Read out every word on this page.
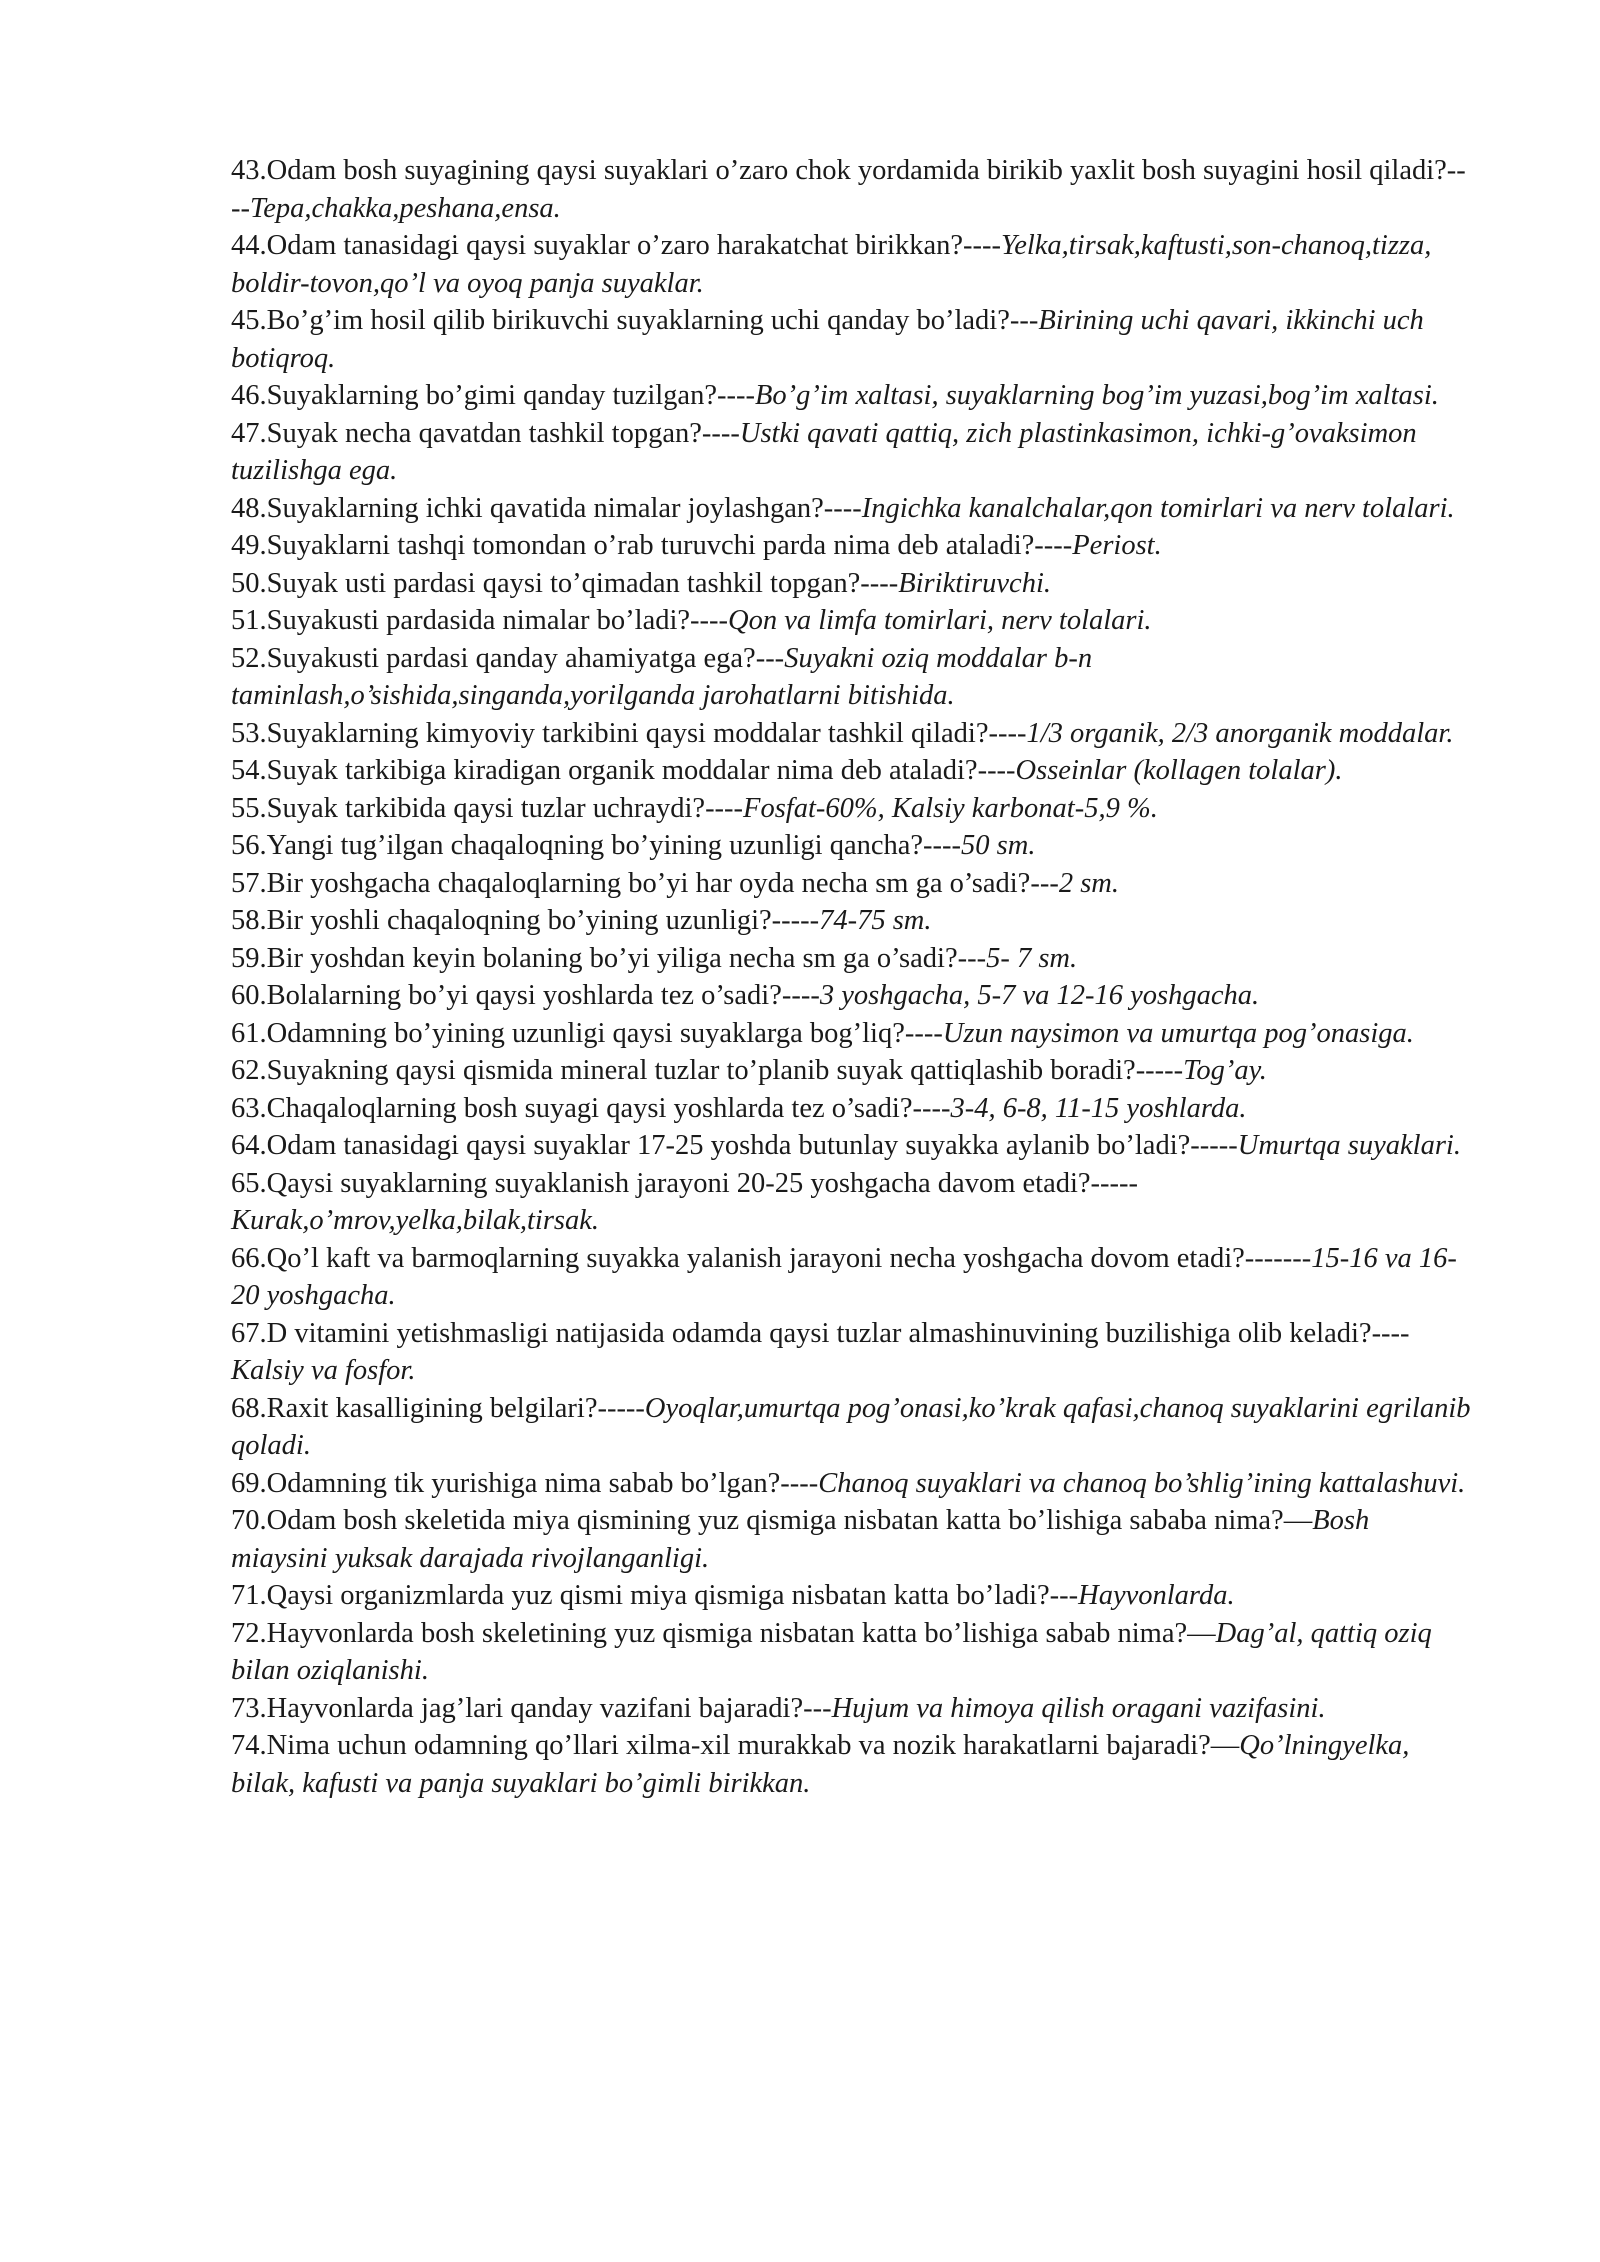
43.Odam bosh suyagining qaysi suyaklari o’zaro chok yordamida birikib yaxlit bosh suyagini hosil qiladi?----Tepa,chakka,peshana,ensa.

44.Odam tanasidagi qaysi suyaklar o’zaro harakatchat birikkan?----Yelka,tirsak,kaftusti,son-chanoq,tizza, boldir-tovon,qo’l va oyoq panja suyaklar.

45.Bo’g’im hosil qilib birikuvchi suyaklarning uchi qanday bo’ladi?---Birining uchi qavari, ikkinchi uch botiqroq.

46.Suyaklarning bo’gimi qanday tuzilgan?----Bo’g’im xaltasi, suyaklarning bog’im yuzasi,bog’im xaltasi.

47.Suyak necha qavatdan tashkil topgan?----Ustki qavati qattiq, zich plastinkasimon, ichki-g’ovaksimon tuzilishga ega.

48.Suyaklarning ichki qavatida nimalar joylashgan?----Ingichka kanalchalar,qon tomirlari va nerv tolalari.

49.Suyaklarni tashqi tomondan o’rab turuvchi parda nima deb ataladi?----Periost.

50.Suyak usti pardasi qaysi to’qimadan tashkil topgan?----Biriktiruvchi.

51.Suyakusti pardasida nimalar bo’ladi?----Qon va limfa tomirlari, nerv tolalari.

52.Suyakusti pardasi qanday ahamiyatga ega?---Suyakni oziq moddalar b-n taminlash,o’sishida,singanda,yorilganda jarohatlarni bitishida.

53.Suyaklarning kimyoviy tarkibini qaysi moddalar tashkil qiladi?----1/3 organik, 2/3 anorganik moddalar.

54.Suyak tarkibiga kiradigan organik moddalar nima deb ataladi?----Osseinlar (kollagen tolalar).

55.Suyak tarkibida qaysi tuzlar uchraydi?----Fosfat-60%, Kalsiy karbonat-5,9 %.

56.Yangi tug’ilgan chaqaloqning bo’yining uzunligi qancha?----50 sm.

57.Bir yoshgacha chaqaloqlarning bo’yi har oyda necha sm ga o’sadi?---2 sm.

58.Bir yoshli chaqaloqning bo’yining uzunligi?-----74-75 sm.

59.Bir yoshdan keyin bolaning bo’yi yiliga necha sm ga o’sadi?---5- 7 sm.

60.Bolalarning bo’yi qaysi yoshlarda tez o’sadi?----3 yoshgacha, 5-7 va 12-16 yoshgacha.

61.Odamning bo’yining uzunligi qaysi suyaklarga bog’liq?----Uzun naysimon va umurtqa pog’onasiga.

62.Suyakning qaysi qismida mineral tuzlar to’planib suyak qattiqlashib boradi?-----Tog’ay.

63.Chaqaloqlarning bosh suyagi qaysi yoshlarda tez o’sadi?----3-4, 6-8, 11-15 yoshlarda.

64.Odam tanasidagi qaysi suyaklar 17-25 yoshda butunlay suyakka aylanib bo’ladi?-----Umurtqa suyaklari.

65.Qaysi suyaklarning suyaklanish jarayoni 20-25 yoshgacha davom etadi?-----Kurak,o’mrov,yelka,bilak,tirsak.

66.Qo’l kaft va barmoqlarning suyakka yalanish jarayoni necha yoshgacha dovom etadi?-------15-16 va 16-20 yoshgacha.

67.D vitamini yetishmasligi natijasida odamda qaysi tuzlar almashinuvining buzilishiga olib keladi?----Kalsiy va fosfor.

68.Raxit kasalligining belgilari?-----Oyoqlar,umurtqa pog’onasi,ko’krak qafasi,chanoq suyaklarini egrilanib qoladi.

69.Odamning tik yurishiga nima sabab bo’lgan?----Chanoq suyaklari va chanoq bo’shlig’ining kattalashuvi.

70.Odam bosh skeletida miya qismining yuz qismiga nisbatan katta bo’lishiga sababa nima?—Bosh miaysini yuksak darajada rivojlanganligi.

71.Qaysi organizmlarda yuz qismi miya qismiga nisbatan katta bo’ladi?---Hayvonlarda.

72.Hayvonlarda bosh skeletining yuz qismiga nisbatan katta bo’lishiga sabab nima?—Dag’al, qattiq oziq bilan oziqlanishi.

73.Hayvonlarda jag’lari qanday vazifani bajaradi?---Hujum va himoya qilish oragani vazifasini.

74.Nima uchun odamning qo’llari xilma-xil murakkab va nozik harakatlarni bajaradi?—Qo’lningyelka, bilak, kafusti va panja suyaklari bo’gimli birikkan.
